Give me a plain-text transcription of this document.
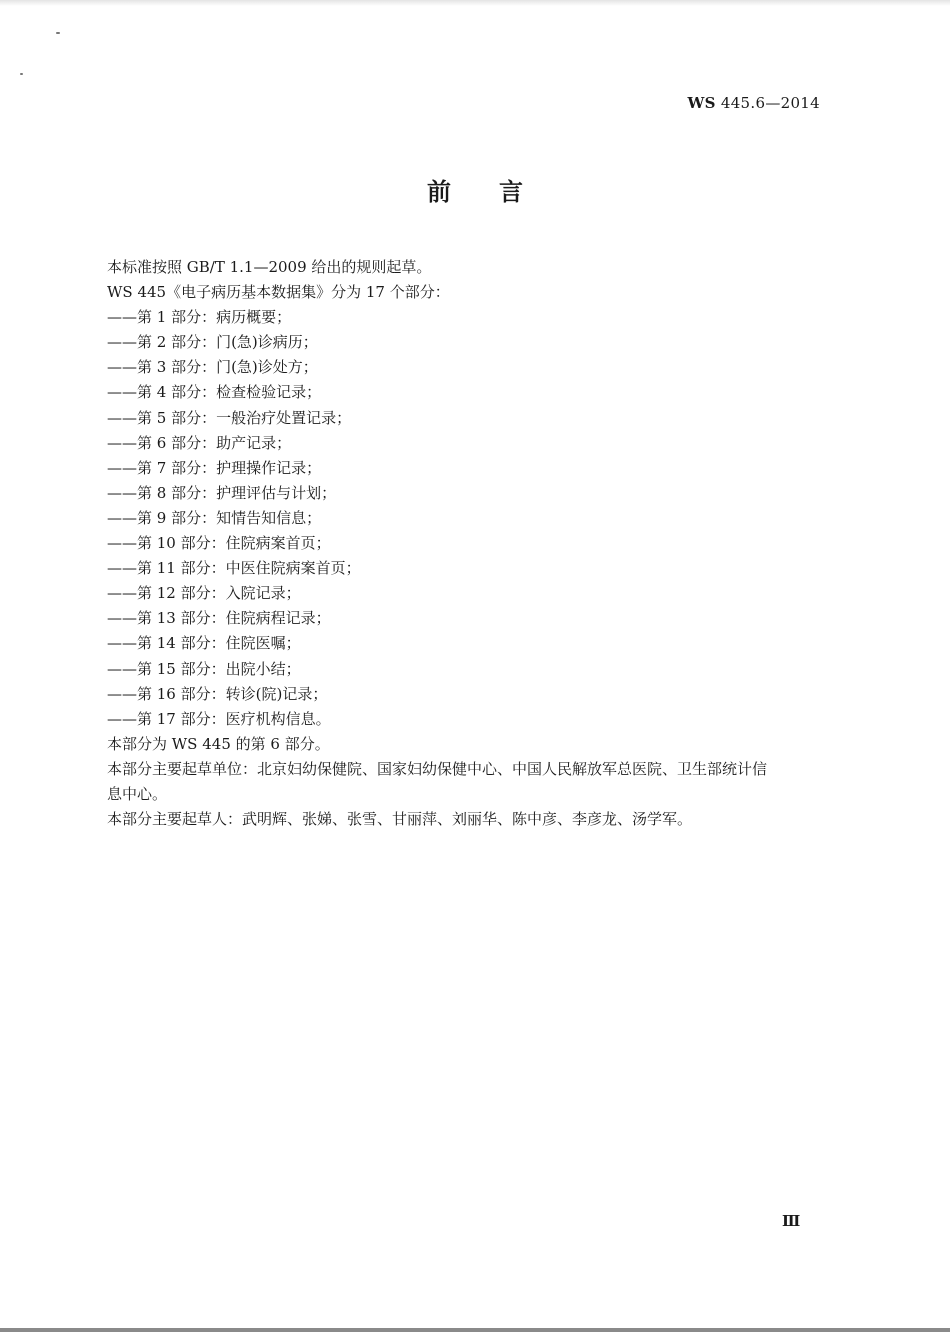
WS 445.6—2014
前言

本标准按照 GB/T 1.1—2009 给出的规则起草。

WS 445《电子病历基本数据集》分为 17 个部分：

——第 1 部分：病历概要；

——第 2 部分：门(急)诊病历；

——第 3 部分：门(急)诊处方；

——第 4 部分：检查检验记录；

——第 5 部分：一般治疗处置记录；

——第 6 部分：助产记录；

——第 7 部分：护理操作记录；

——第 8 部分：护理评估与计划；

——第 9 部分：知情告知信息；

——第 10 部分：住院病案首页；

——第 11 部分：中医住院病案首页；

——第 12 部分：入院记录；

——第 13 部分：住院病程记录；

——第 14 部分：住院医嘱；

——第 15 部分：出院小结；

——第 16 部分：转诊(院)记录；

——第 17 部分：医疗机构信息。

本部分为 WS 445 的第 6 部分。

本部分主要起草单位：北京妇幼保健院、国家妇幼保健中心、中国人民解放军总医院、卫生部统计信

息中心。

本部分主要起草人：武明辉、张娣、张雪、甘丽萍、刘丽华、陈中彦、李彦龙、汤学军。

Ⅲ
